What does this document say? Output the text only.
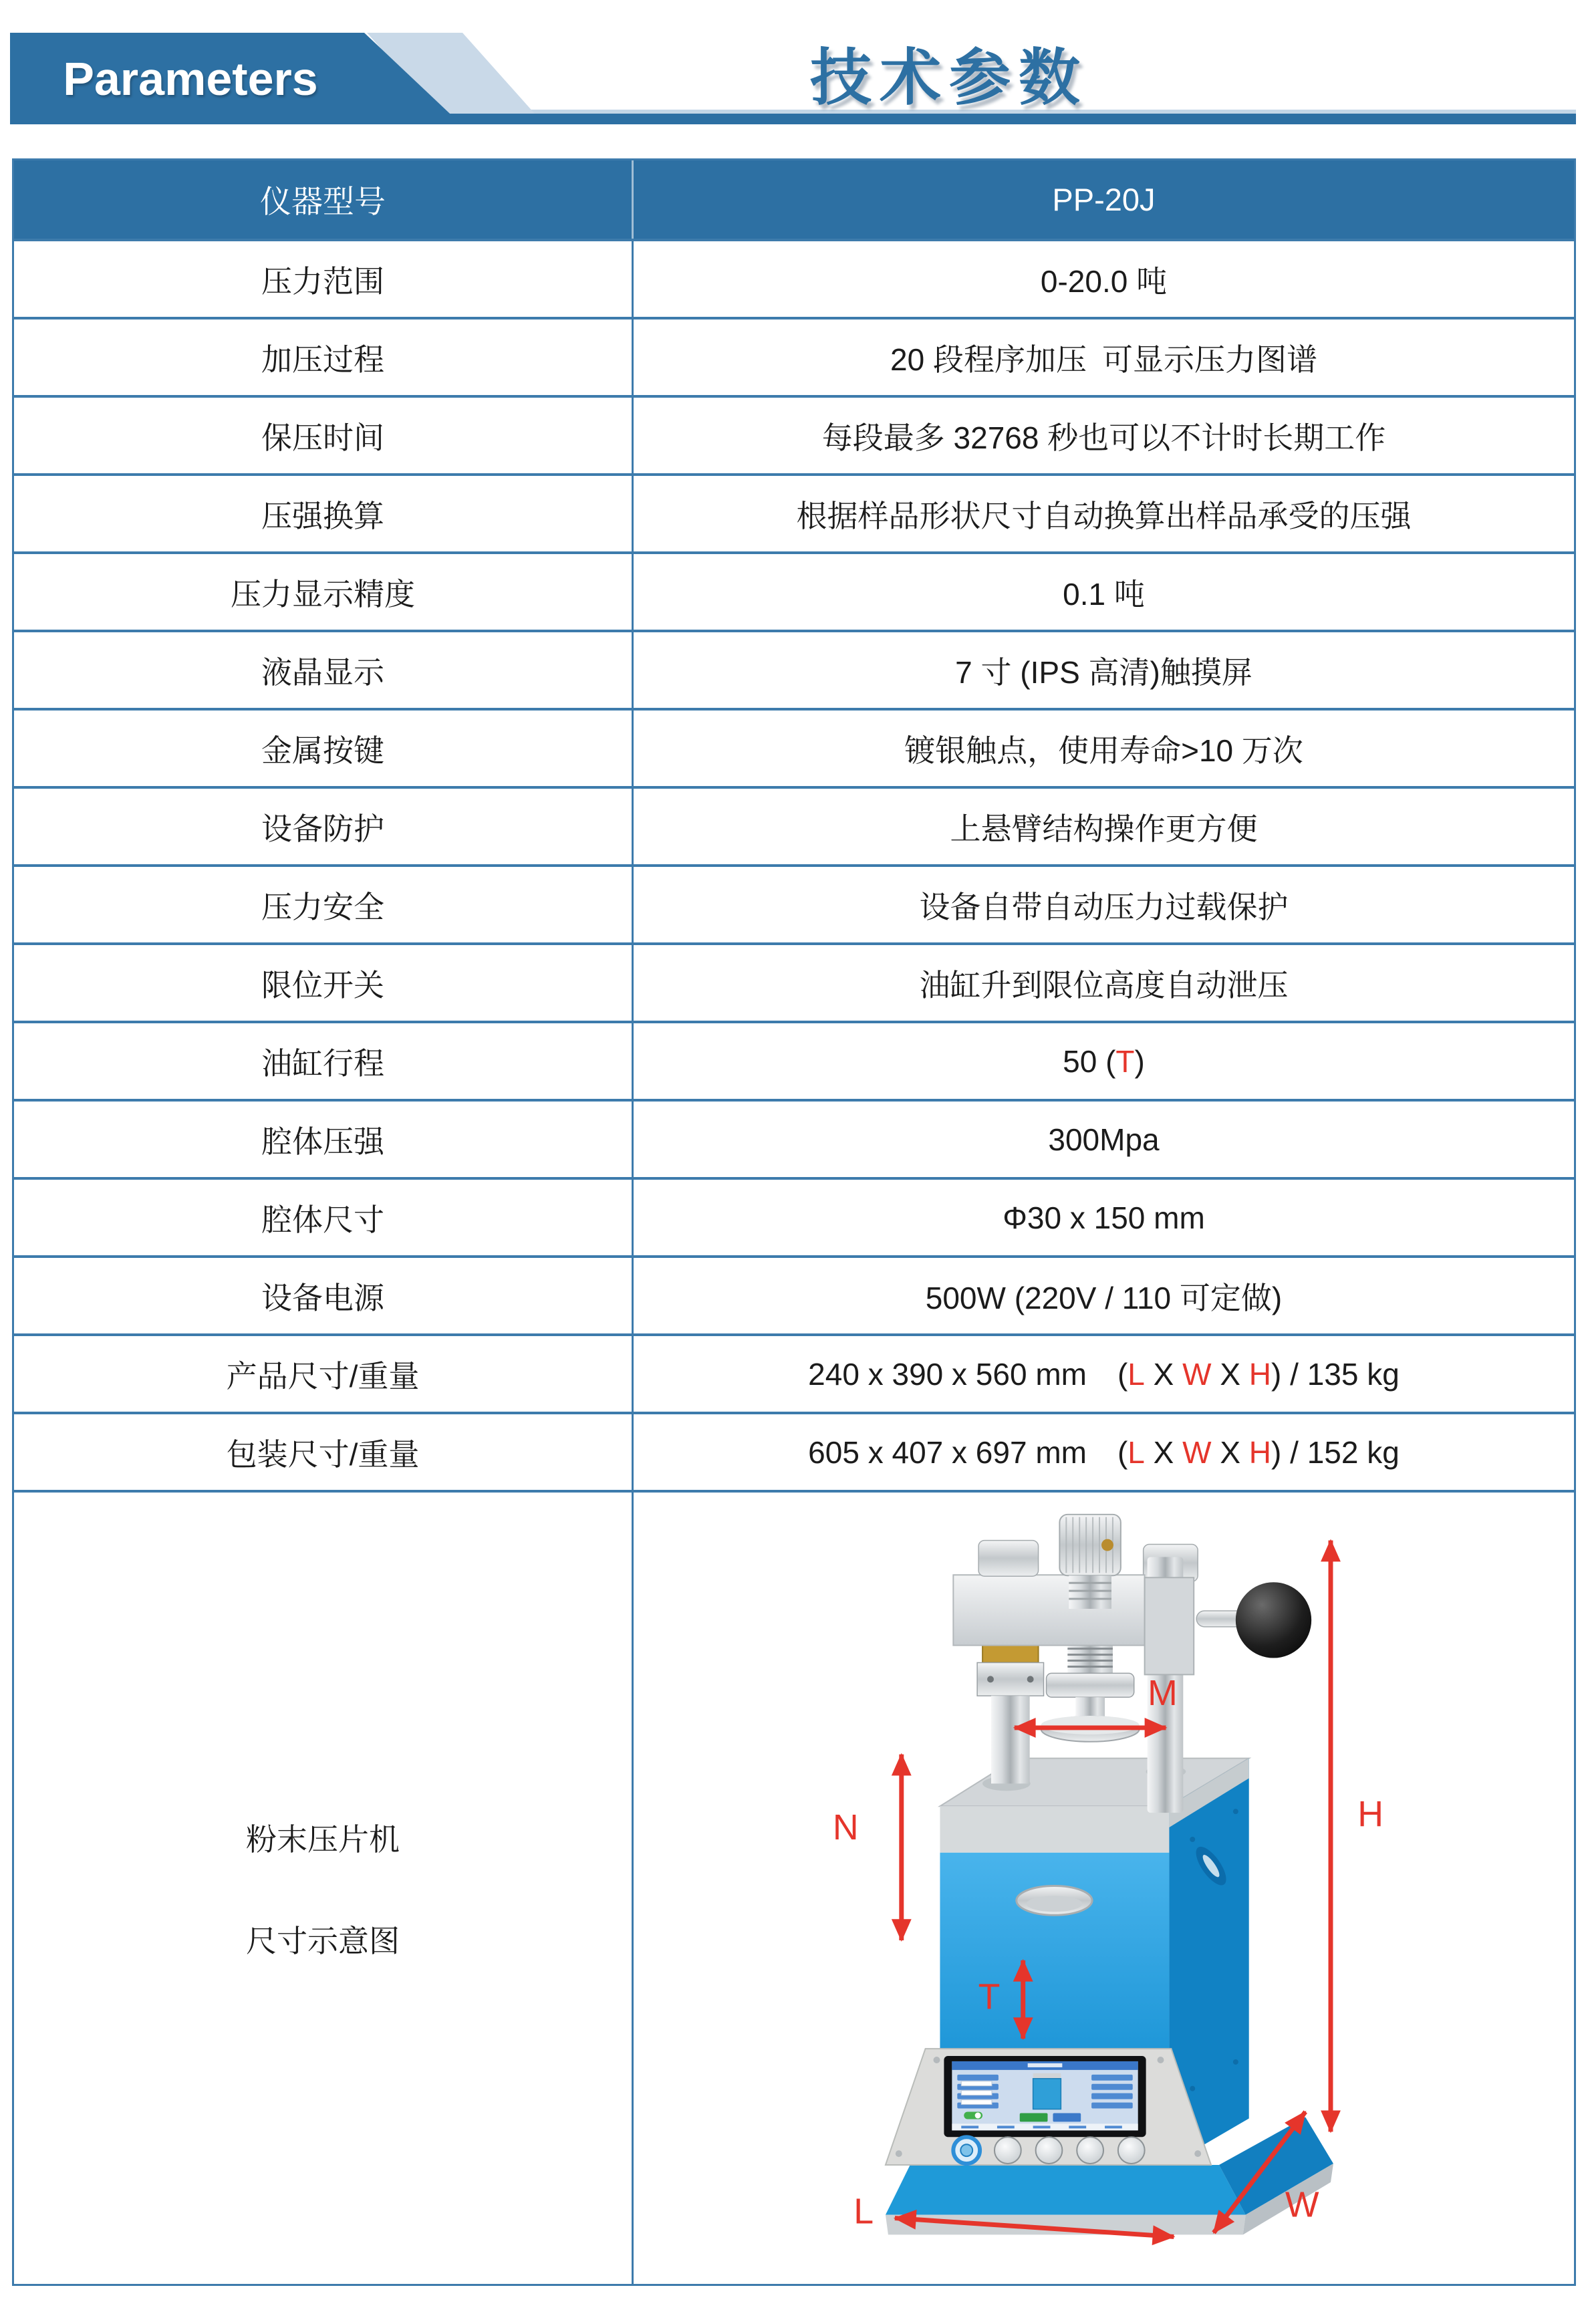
Parameters	技术参数
仪器型号	PP-20J
压力范围	0-20.0 吨
加压过程	20 段程序加压 可显示压力图谱
保压时间	每段最多 32768 秒也可以不计时长期工作
压强换算	根据样品形状尺寸自动换算出样品承受的压强
压力显示精度	0.1 吨
液晶显示	7 寸 (IPS 高清)触摸屏
金属按键	镀银触点，使用寿命>10 万次
设备防护	上悬臂结构操作更方便
压力安全	设备自带自动压力过载保护
限位开关	油缸升到限位高度自动泄压
油缸行程	50 ( T )
腔体压强	300Mpa
腔体尺寸	Φ30 x 150 mm
设备电源	500W (220V / 110 可定做)
产品尺寸/重量	240 x 390 x 560 mm ( L X W X H ) / 135 kg
包装尺寸/重量	605 x 407 x 697 mm ( L X W X H ) / 152 kg
粉末压片机
尺寸示意图
H
M
N
T
W
L
